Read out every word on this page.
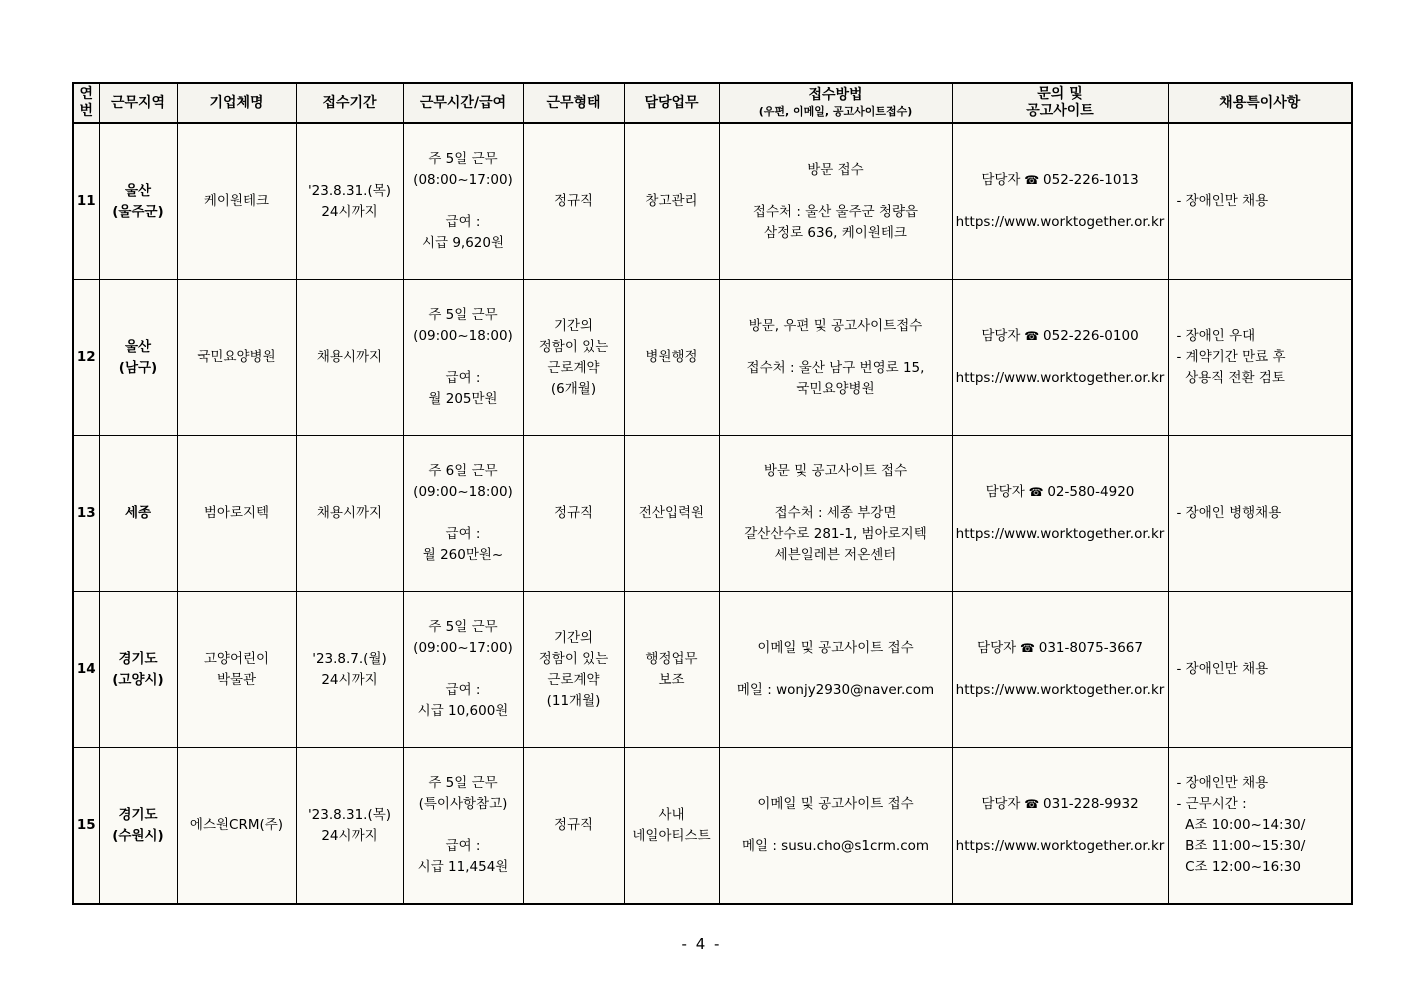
연
번	근무지역	기업체명	접수기간	근무시간/급여	근무형태	담당업무	접수방법
(우편, 이메일, 공고사이트접수)	문의 및
공고사이트	채용특이사항
11	울산
(울주군)	케이원테크	'23.8.31.(목)
24시까지	주 5일 근무
(08:00~17:00)
급여 :
시급 9,620원	정규직	창고관리	방문 접수
접수처 : 울산 울주군 청량읍
삼정로 636, 케이원테크	담당자 ☎ 052-226-1013
https://www.worktogether.or.kr	- 장애인만 채용

12	울산
(남구)	국민요양병원	채용시까지	주 5일 근무
(09:00~18:00)
급여 :
월 205만원	기간의
정함이 있는
근로계약
(6개월)	병원행정	방문, 우편 및 공고사이트접수
접수처 : 울산 남구 번영로 15,
국민요양병원	담당자 ☎ 052-226-0100
https://www.worktogether.or.kr	- 장애인 우대
- 계약기간 만료 후
상용직 전환 검토

13	세종	범아로지텍	채용시까지	주 6일 근무
(09:00~18:00)
급여 :
월 260만원~	정규직	전산입력원	방문 및 공고사이트 접수
접수처 : 세종 부강면
갈산산수로 281-1, 범아로지텍
세븐일레븐 저온센터	담당자 ☎ 02-580-4920
https://www.worktogether.or.kr	- 장애인 병행채용

14	경기도
(고양시)	고양어린이
박물관	'23.8.7.(월)
24시까지	주 5일 근무
(09:00~17:00)
급여 :
시급 10,600원	기간의
정함이 있는
근로계약
(11개월)	행정업무
보조	이메일 및 공고사이트 접수
메일 : wonjy2930@naver.com	담당자 ☎ 031-8075-3667
https://www.worktogether.or.kr	- 장애인만 채용

15	경기도
(수원시)	에스원CRM(주)	'23.8.31.(목)
24시까지	주 5일 근무
(특이사항참고)
급여 :
시급 11,454원	정규직	사내
네일아티스트	이메일 및 공고사이트 접수
메일 : susu.cho@s1crm.com	담당자 ☎ 031-228-9932
https://www.worktogether.or.kr	- 장애인만 채용
- 근무시간 :
A조 10:00~14:30/
B조 11:00~15:30/
C조 12:00~16:30
- 4 -
